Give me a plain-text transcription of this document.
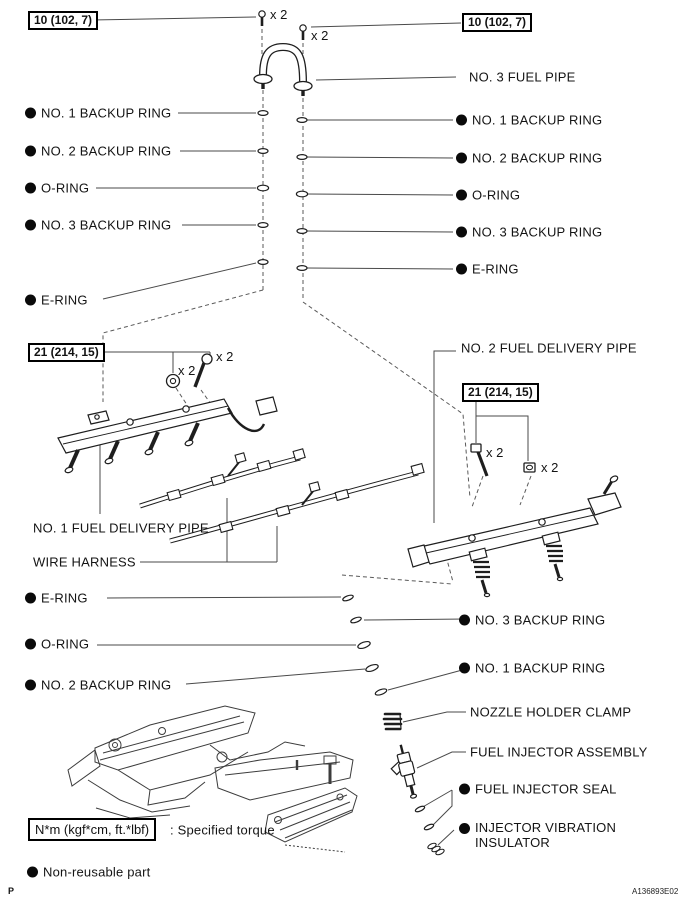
10 (102, 7)	10 (102, 7)
21 (214, 15)
21 (214, 15)
x 2
x 2
x 2
x 2
x 2
x 2
NO. 3 FUEL PIPE
NO. 1 BACKUP RING
NO. 2 BACKUP RING
O-RING
NO. 3 BACKUP RING
E-RING
NO. 1 BACKUP RING
NO. 2 BACKUP RING
O-RING
NO. 3 BACKUP RING
E-RING
NO. 2 FUEL DELIVERY PIPE
NO. 1 FUEL DELIVERY PIPE
WIRE HARNESS
E-RING
O-RING
NO. 2 BACKUP RING
NO. 3 BACKUP RING
NO. 1 BACKUP RING
NOZZLE HOLDER CLAMP
FUEL INJECTOR ASSEMBLY
FUEL INJECTOR SEAL
INJECTOR VIBRATION INSULATOR
N*m (kgf*cm, ft.*lbf)	: Specified torque
Non-reusable part
P	A136893E02
